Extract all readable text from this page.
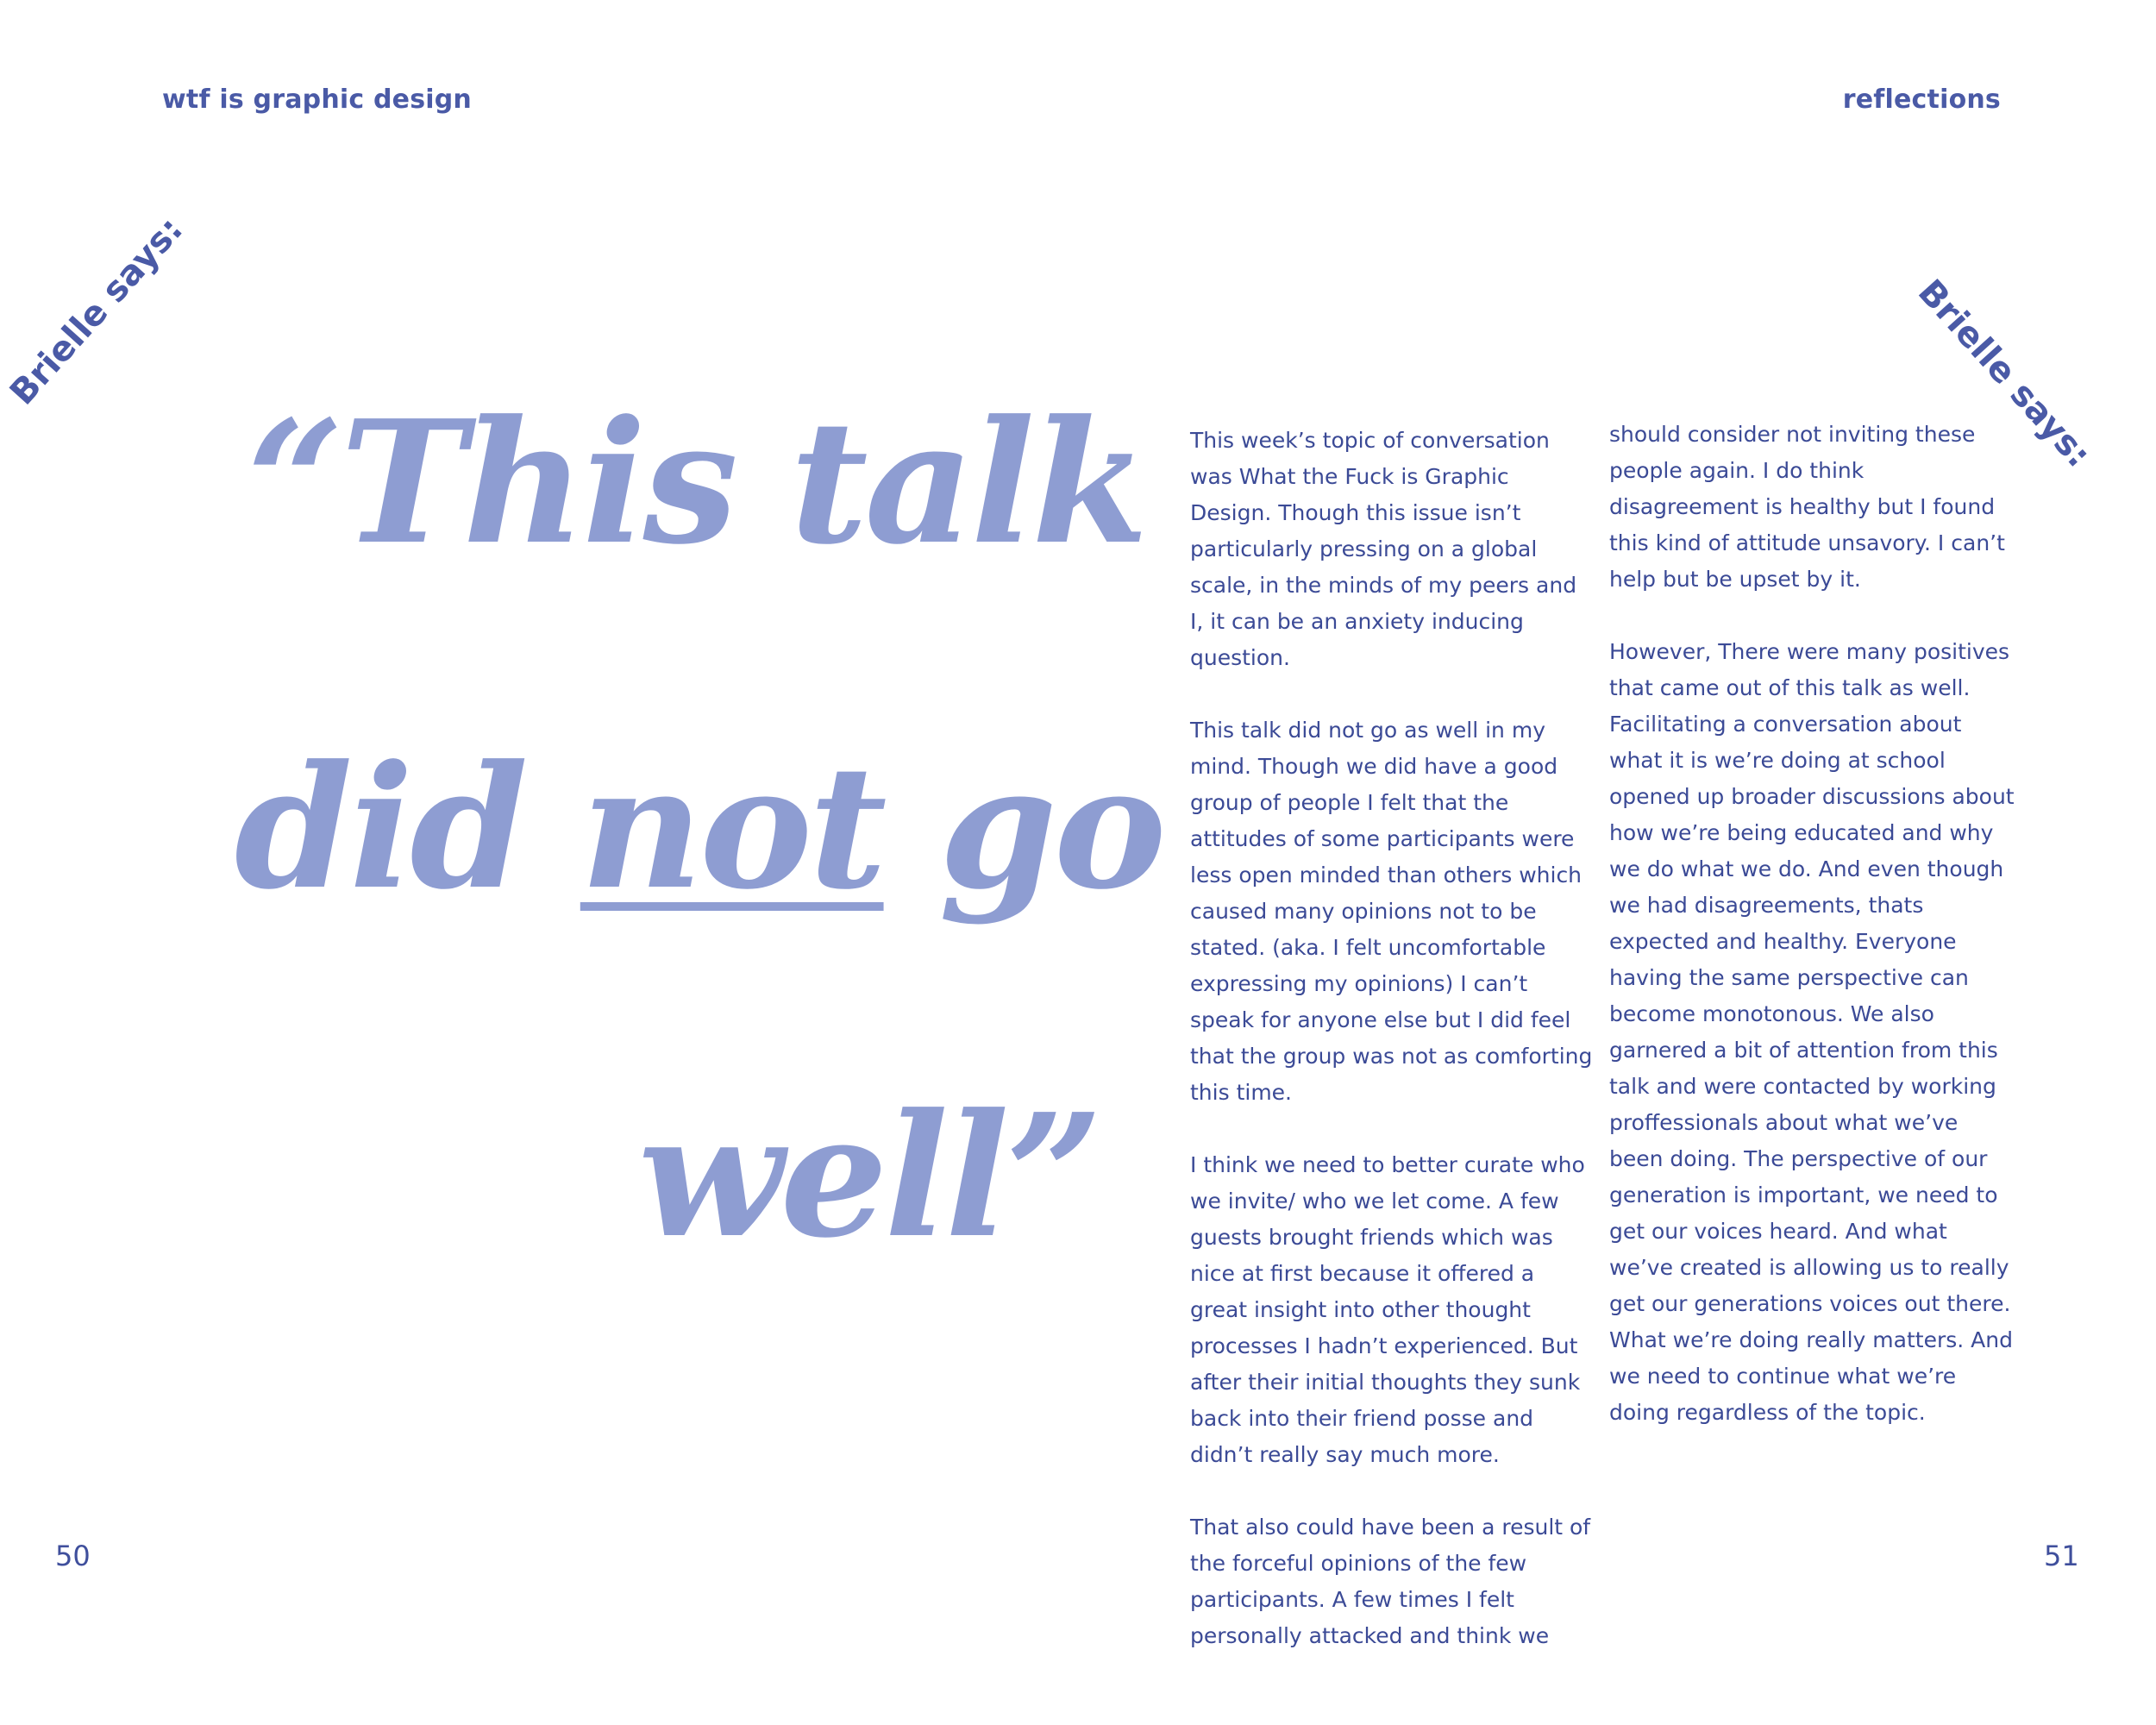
wtf is graphic design	reflections
Brielle says:	Brielle says:
“This talk
did not go
well”

This week’s topic of conversation was What the Fuck is Graphic Design. Though this issue isn’t particularly pressing on a global scale, in the minds of my peers and I, it can be an anxiety inducing question.

This talk did not go as well in my mind. Though we did have a good group of people I felt that the attitudes of some participants were less open minded than others which caused many opinions not to be stated. (aka. I felt uncomfortable expressing my opinions) I can’t speak for anyone else but I did feel that the group was not as comforting this time.

I think we need to better curate who we invite/ who we let come. A few guests brought friends which was nice at first because it offered a great insight into other thought processes I hadn’t experienced. But after their initial thoughts they sunk back into their friend posse and didn’t really say much more.

That also could have been a result of the forceful opinions of the few participants. A few times I felt personally attacked and think we

should consider not inviting these people again. I do think disagreement is healthy but I found this kind of attitude unsavory. I can’t help but be upset by it.

However, There were many positives that came out of this talk as well. Facilitating a conversation about what it is we’re doing at school opened up broader discussions about how we’re being educated and why we do what we do. And even though we had disagreements, thats expected and healthy. Everyone having the same perspective can become monotonous. We also garnered a bit of attention from this talk and were contacted by working proffessionals about what we’ve been doing. The perspective of our generation is important, we need to get our voices heard. And what we’ve created is allowing us to really get our generations voices out there. What we’re doing really matters. And we need to continue what we’re doing regardless of the topic.

50	51
